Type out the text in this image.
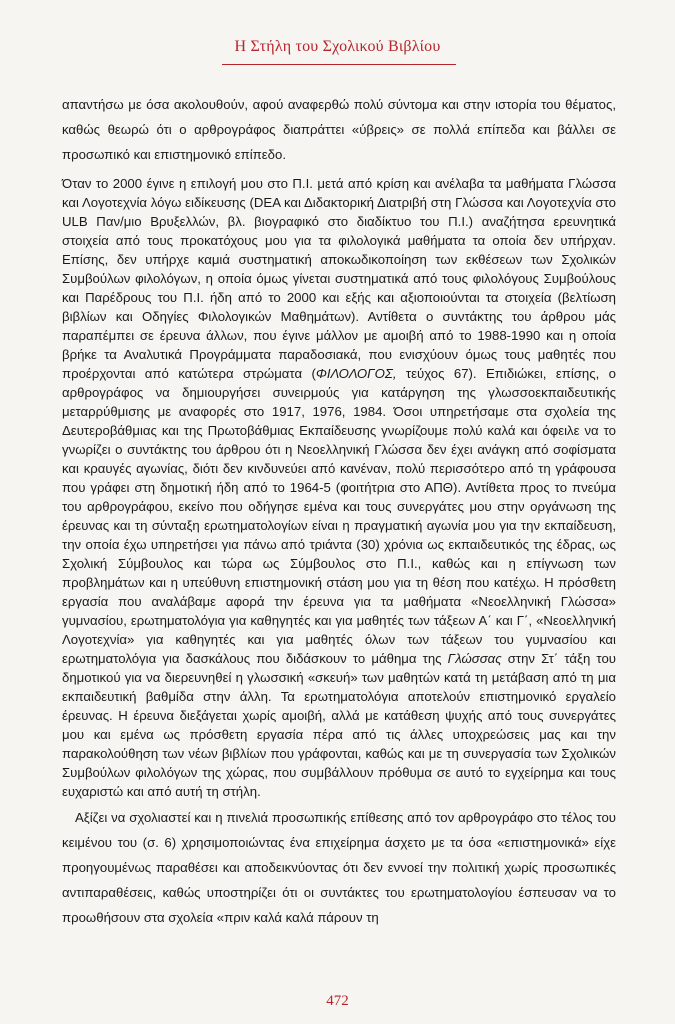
Η Στήλη του Σχολικού Βιβλίου

απαντήσω με όσα ακολουθούν, αφού αναφερθώ πολύ σύντομα και στην ιστορία του θέματος, καθώς θεωρώ ότι ο αρθρογράφος διαπράττει «ύβρεις» σε πολλά επίπεδα και βάλλει σε προσωπικό και επιστημονικό επίπεδο.

Όταν το 2000 έγινε η επιλογή μου στο Π.Ι. μετά από κρίση και ανέλαβα τα μαθήματα Γλώσσα και Λογοτεχνία λόγω ειδίκευσης (DEA και Διδακτορική Διατριβή στη Γλώσσα και Λογοτεχνία στο ULB Παν/μιο Βρυξελλών, βλ. βιογραφικό στο διαδίκτυο του Π.Ι.) αναζήτησα ερευνητικά στοιχεία από τους προκατόχους μου για τα φιλολογικά μαθήματα τα οποία δεν υπήρχαν. Επίσης, δεν υπήρχε καμιά συστηματική αποκωδικοποίηση των εκθέσεων των Σχολικών Συμβούλων φιλολόγων, η οποία όμως γίνεται συστηματικά από τους φιλολόγους Συμβούλους και Παρέδρους του Π.Ι. ήδη από το 2000 και εξής και αξιοποιούνται τα στοιχεία (βελτίωση βιβλίων και Οδηγίες Φιλολογικών Μαθημάτων). Αντίθετα ο συντάκτης του άρθρου μάς παραπέμπει σε έρευνα άλλων, που έγινε μάλλον με αμοιβή από το 1988-1990 και η οποία βρήκε τα Αναλυτικά Προγράμματα παραδοσιακά, που ενισχύουν όμως τους μαθητές που προέρχονται από κατώτερα στρώματα (ΦΙΛΟΛΟΓΟΣ, τεύχος 67). Επιδιώκει, επίσης, ο αρθρογράφος να δημιουργήσει συνειρμούς για κατάργηση της γλωσσοεκπαιδευτικής μεταρρύθμισης με αναφορές στο 1917, 1976, 1984. Όσοι υπηρετήσαμε στα σχολεία της Δευτεροβάθμιας και της Πρωτοβάθμιας Εκπαίδευσης γνωρίζουμε πολύ καλά και όφειλε να το γνωρίζει ο συντάκτης του άρθρου ότι η Νεοελληνική Γλώσσα δεν έχει ανάγκη από σοφίσματα και κραυγές αγωνίας, διότι δεν κινδυνεύει από κανέναν, πολύ περισσότερο από τη γράφουσα που γράφει στη δημοτική ήδη από το 1964-5 (φοιτήτρια στο ΑΠΘ). Αντίθετα προς το πνεύμα του αρθρογράφου, εκείνο που οδήγησε εμένα και τους συνεργάτες μου στην οργάνωση της έρευνας και τη σύνταξη ερωτηματολογίων είναι η πραγματική αγωνία μου για την εκπαίδευση, την οποία έχω υπηρετήσει για πάνω από τριάντα (30) χρόνια ως εκπαιδευτικός της έδρας, ως Σχολική Σύμβουλος και τώρα ως Σύμβουλος στο Π.Ι., καθώς και η επίγνωση των προβλημάτων και η υπεύθυνη επιστημονική στάση μου για τη θέση που κατέχω. Η πρόσθετη εργασία που αναλάβαμε αφορά την έρευνα για τα μαθήματα «Νεοελληνική Γλώσσα» γυμνασίου, ερωτηματολόγια για καθηγητές και για μαθητές των τάξεων Α΄ και Γ΄, «Νεοελληνική Λογοτεχνία» για καθηγητές και για μαθητές όλων των τάξεων του γυμνασίου και ερωτηματολόγια για δασκάλους που διδάσκουν το μάθημα της Γλώσσας στην Στ΄ τάξη του δημοτικού για να διερευνηθεί η γλωσσική «σκευή» των μαθητών κατά τη μετάβαση από τη μια εκπαιδευτική βαθμίδα στην άλλη. Τα ερωτηματολόγια αποτελούν επιστημονικό εργαλείο έρευνας. Η έρευνα διεξάγεται χωρίς αμοιβή, αλλά με κατάθεση ψυχής από τους συνεργάτες μου και εμένα ως πρόσθετη εργασία πέρα από τις άλλες υποχρεώσεις μας και την παρακολούθηση των νέων βιβλίων που γράφονται, καθώς και με τη συνεργασία των Σχολικών Συμβούλων φιλολόγων της χώρας, που συμβάλλουν πρόθυμα σε αυτό το εγχείρημα και τους ευχαριστώ και από αυτή τη στήλη.

Αξίζει να σχολιαστεί και η πινελιά προσωπικής επίθεσης από τον αρθρογράφο στο τέλος του κειμένου του (σ. 6) χρησιμοποιώντας ένα επιχείρημα άσχετο με τα όσα «επιστημονικά» είχε προηγουμένως παραθέσει και αποδεικνύοντας ότι δεν εννοεί την πολιτική χωρίς προσωπικές αντιπαραθέσεις, καθώς υποστηρίζει ότι οι συντάκτες του ερωτηματολογίου έσπευσαν να το προωθήσουν στα σχολεία «πριν καλά καλά πάρουν τη

472
